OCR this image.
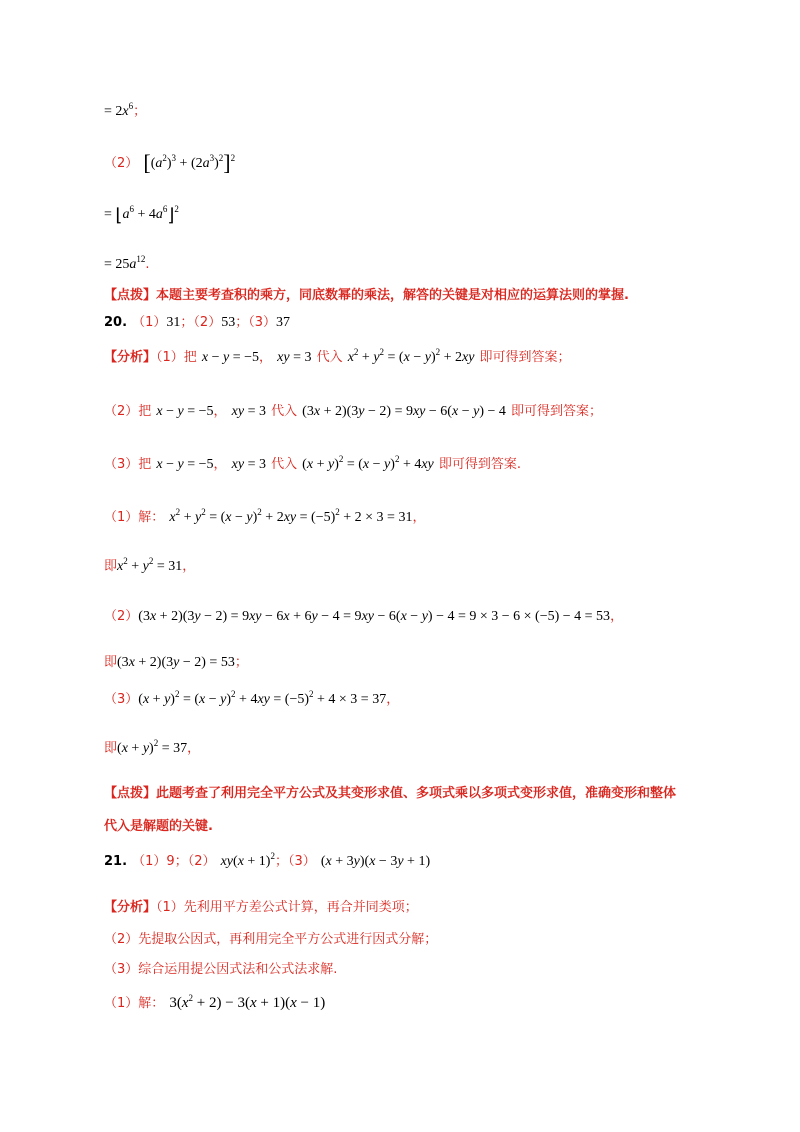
= $2x^6$；
（2） $[(a^2)^3 + (2a^3)^2]^2$
= $⌊a^6$ + $4a^6⌋^2$
= $25a^{12}$.
【点拨】本题主要考查积的乘方，同底数幂的乘法，解答的关键是对相应的运算法则的掌握.
20. （1）31；（2）53；（3）37
【分析】（1）把 x − y = −5， xy = 3 代入 $x^2 + y^2 = (x - y)^2 + 2xy$ 即可得到答案；
（2）把 x − y = −5， xy = 3 代入 (3x + 2)(3y − 2) = 9xy − 6(x − y) − 4 即可得到答案；
（3）把 x − y = −5， xy = 3 代入 $(x + y)^2 = (x - y)^2 + 4xy$ 即可得到答案.
（1）解： $x^2 + y^2 = (x - y)^2 + 2xy = (-5)^2 + 2 \times 3 = 31$，
即$x^2 + y^2 = 31$，
（2）(3x + 2)(3y − 2) = 9xy − 6x + 6y − 4 = 9xy − 6(x − y) − 4 = 9 × 3 − 6 × (−5) − 4 = 53，
即(3x + 2)(3y − 2) = 53；
$(3)(x + y)^2 = (x - y)^2 + 4xy = (-5)^2 + 4 \times 3 = 37$，
即$(x + y)^2 = 37$，
【点拨】此题考查了利用完全平方公式及其变形求值、多项式乘以多项式变形求值，准确变形和整体
代入是解题的关键.
21. （1）9；（2） $xy(x + 1)^2$；（3） (x + 3y)(x − 3y + 1)
【分析】（1）先利用平方差公式计算，再合并同类项；
（2）先提取公因式，再利用完全平方公式进行因式分解；
（3）综合运用提公因式法和公式法求解.
（1）解： $3(x^2 + 2) - 3(x + 1)(x - 1)$
